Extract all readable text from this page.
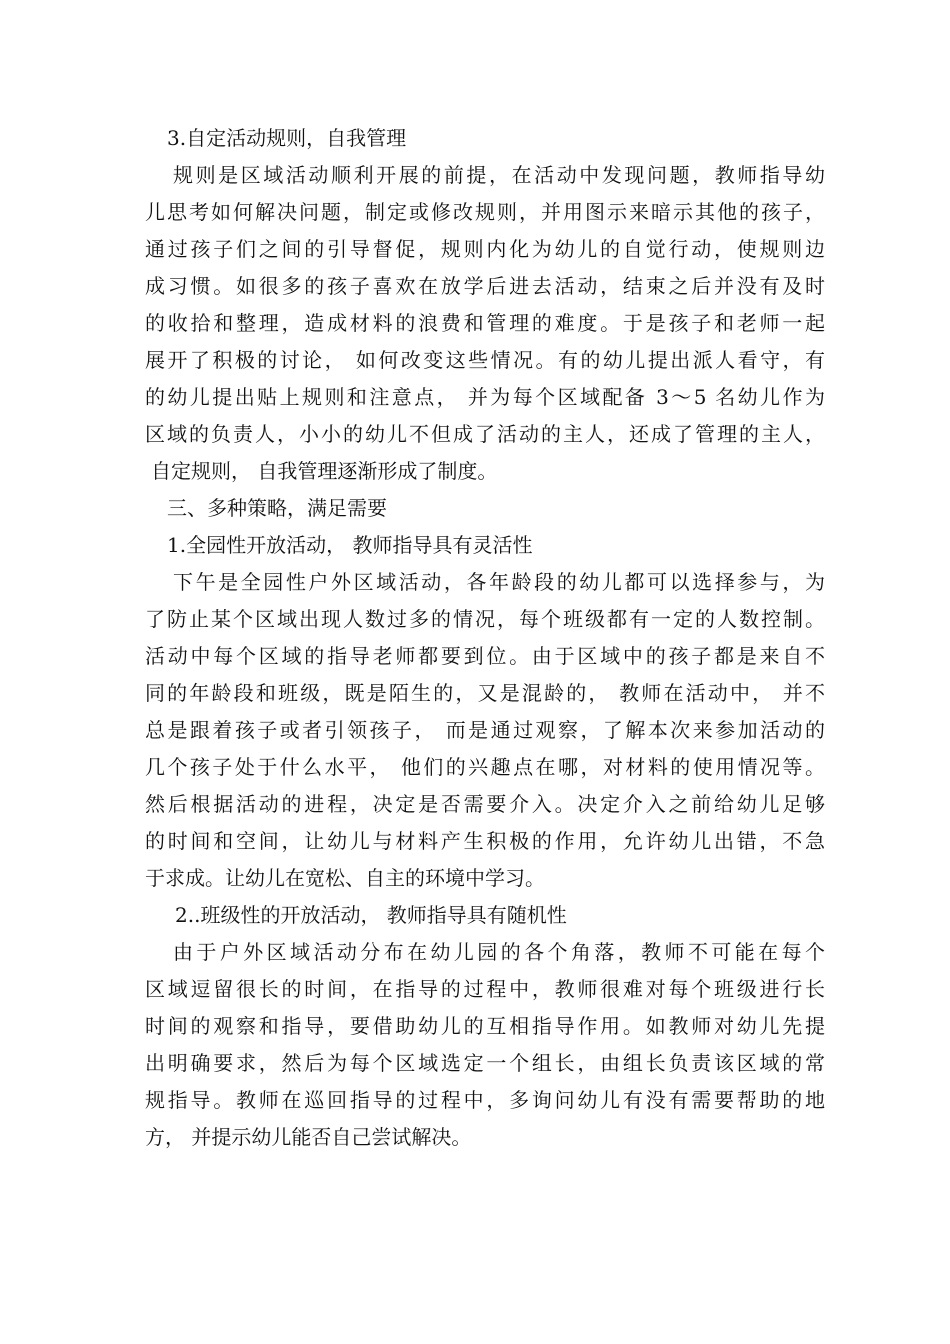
3.自定活动规则，自我管理
规则是区域活动顺利开展的前提，在活动中发现问题，教师指导幼
儿思考如何解决问题，制定或修改规则，并用图示来暗示其他的孩子，
通过孩子们之间的引导督促，规则内化为幼儿的自觉行动，使规则边
成习惯。如很多的孩子喜欢在放学后进去活动，结束之后并没有及时
的收拾和整理，造成材料的浪费和管理的难度。于是孩子和老师一起
展开了积极的讨论， 如何改变这些情况。有的幼儿提出派人看守，有
的幼儿提出贴上规则和注意点， 并为每个区域配备 3～5 名幼儿作为
区域的负责人，小小的幼儿不但成了活动的主人，还成了管理的主人，
自定规则， 自我管理逐渐形成了制度。
三、多种策略，满足需要
1.全园性开放活动， 教师指导具有灵活性
下午是全园性户外区域活动，各年龄段的幼儿都可以选择参与，为
了防止某个区域出现人数过多的情况，每个班级都有一定的人数控制。
活动中每个区域的指导老师都要到位。由于区域中的孩子都是来自不
同的年龄段和班级，既是陌生的，又是混龄的， 教师在活动中， 并不
总是跟着孩子或者引领孩子， 而是通过观察，了解本次来参加活动的
几个孩子处于什么水平， 他们的兴趣点在哪，对材料的使用情况等。
然后根据活动的进程，决定是否需要介入。决定介入之前给幼儿足够
的时间和空间，让幼儿与材料产生积极的作用，允许幼儿出错，不急
于求成。让幼儿在宽松、自主的环境中学习。
2..班级性的开放活动， 教师指导具有随机性
由于户外区域活动分布在幼儿园的各个角落，教师不可能在每个
区域逗留很长的时间，在指导的过程中，教师很难对每个班级进行长
时间的观察和指导，要借助幼儿的互相指导作用。如教师对幼儿先提
出明确要求，然后为每个区域选定一个组长，由组长负责该区域的常
规指导。教师在巡回指导的过程中，多询问幼儿有没有需要帮助的地
方， 并提示幼儿能否自己尝试解决。
